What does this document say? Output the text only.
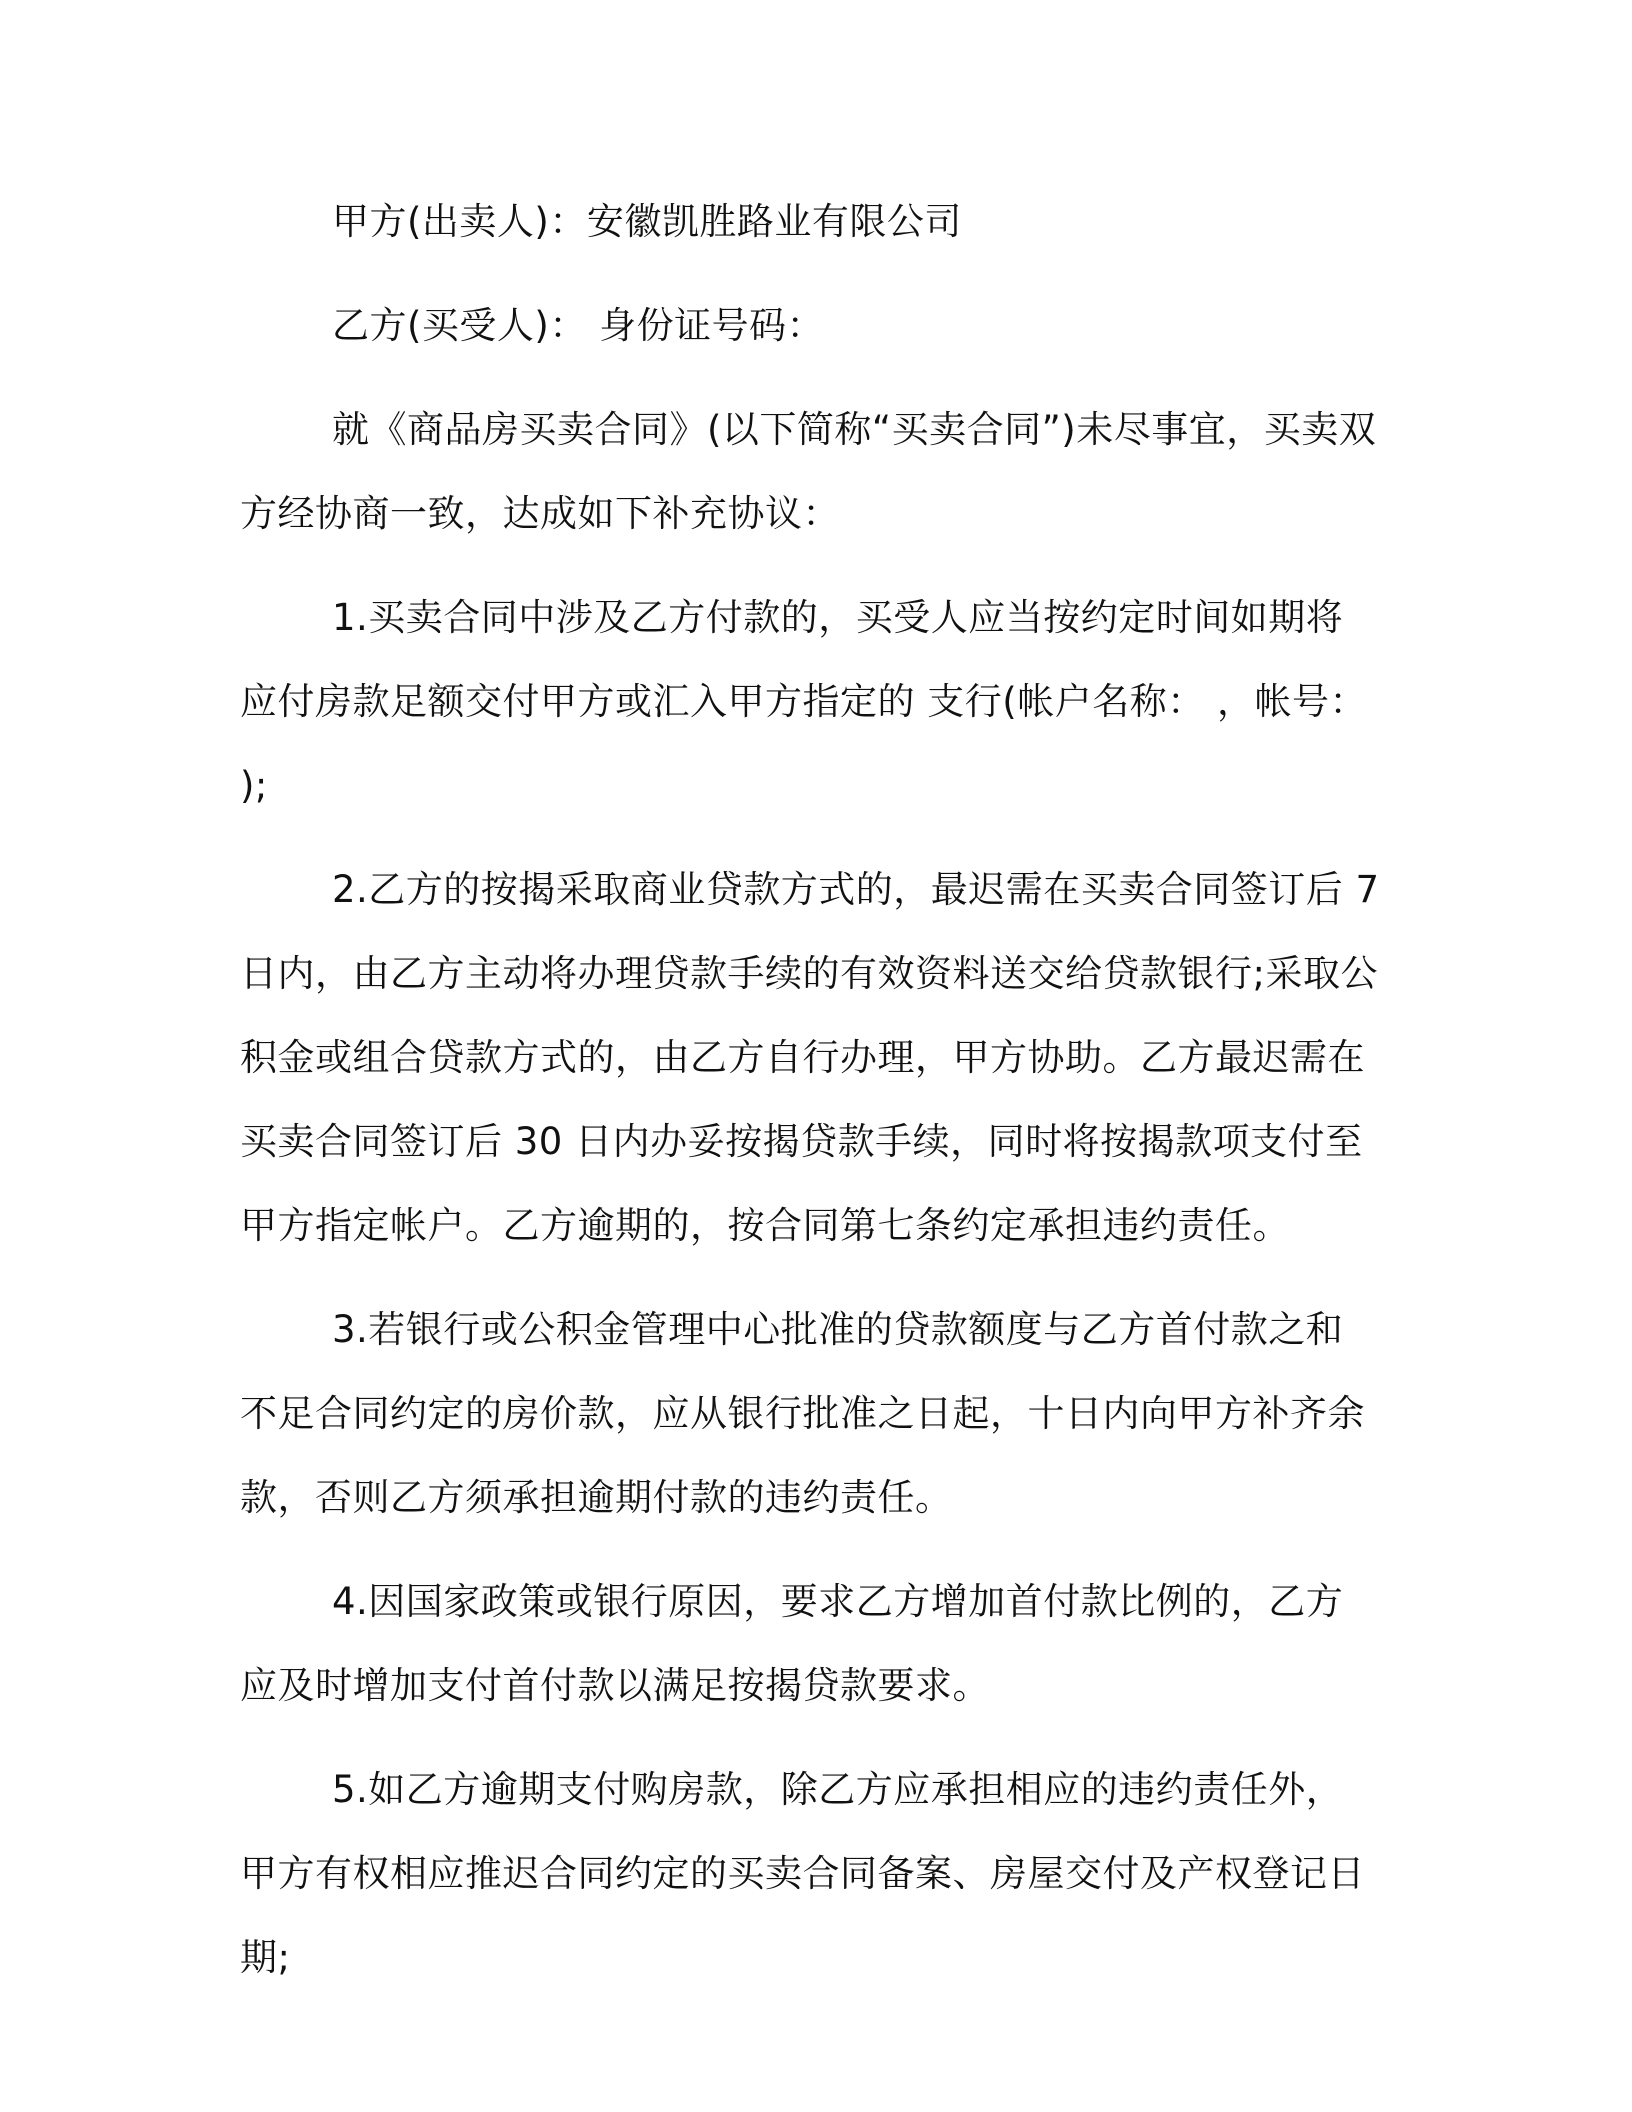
甲方(出卖人)：安徽凯胜路业有限公司

乙方(买受人)： 身份证号码：

就《商品房买卖合同》(以下简称“买卖合同”)未尽事宜，买卖双方经协商一致，达成如下补充协议：

1.买卖合同中涉及乙方付款的，买受人应当按约定时间如期将应付房款足额交付甲方或汇入甲方指定的 支行(帐户名称： ，帐号： );

2.乙方的按揭采取商业贷款方式的，最迟需在买卖合同签订后 7 日内，由乙方主动将办理贷款手续的有效资料送交给贷款银行;采取公积金或组合贷款方式的，由乙方自行办理，甲方协助。乙方最迟需在买卖合同签订后 30 日内办妥按揭贷款手续，同时将按揭款项支付至甲方指定帐户。乙方逾期的，按合同第七条约定承担违约责任。

3.若银行或公积金管理中心批准的贷款额度与乙方首付款之和不足合同约定的房价款，应从银行批准之日起，十日内向甲方补齐余款，否则乙方须承担逾期付款的违约责任。

4.因国家政策或银行原因，要求乙方增加首付款比例的，乙方应及时增加支付首付款以满足按揭贷款要求。

5.如乙方逾期支付购房款，除乙方应承担相应的违约责任外，甲方有权相应推迟合同约定的买卖合同备案、房屋交付及产权登记日期;
